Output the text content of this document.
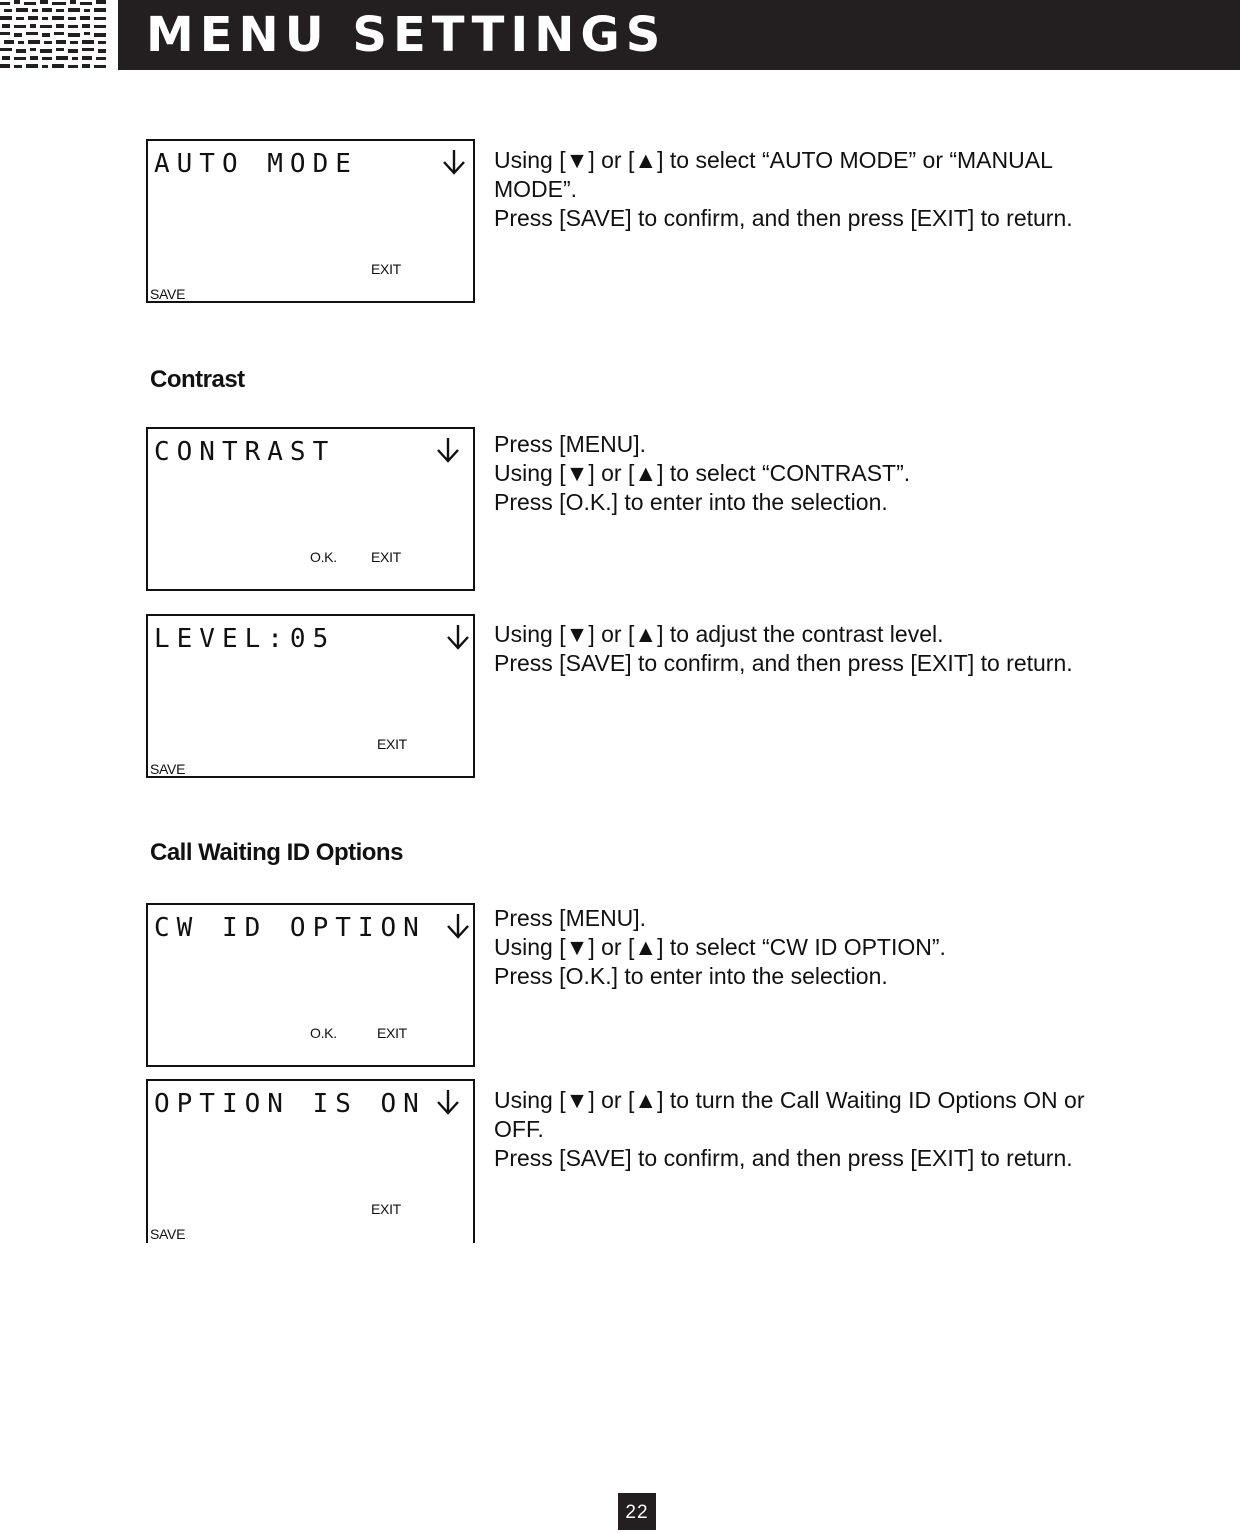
MENU SETTINGS
AUTO MODE
EXIT
SAVE

Using [▼] or [▲] to select “AUTO MODE” or “MANUAL MODE”.

Press [SAVE] to confirm, and then press [EXIT] to return.

Contrast
CONTRAST
O.K. EXIT

Press [MENU].

Using [▼] or [▲] to select “CONTRAST”.

Press [O.K.] to enter into the selection.

LEVEL:05
EXIT
SAVE

Using [▼] or [▲] to adjust the contrast level.

Press [SAVE] to confirm, and then press [EXIT] to return.

Call Waiting ID Options
CW ID OPTION
O.K.	EXIT

Press [MENU].

Using [▼] or [▲] to select “CW ID OPTION”.

Press [O.K.] to enter into the selection.

OPTION IS ON
EXIT
SAVE

Using [▼] or [▲] to turn the Call Waiting ID Options ON or OFF.

Press [SAVE] to confirm, and then press [EXIT] to return.

22
